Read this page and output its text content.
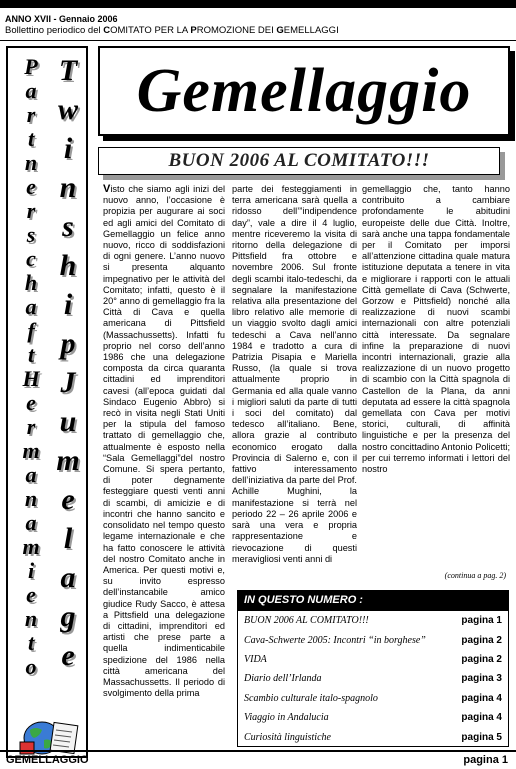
ANNO XVII - Gennaio 2006
Bollettino periodico del COMITATO PER LA PROMOZIONE DEI GEMELLAGGI
P
a
r
t
n
e
r
s
c
h
a
f
t
H
e
r
m
a
n
a
m
i
e
n
t
o
T
w
i
n
s
h
i
p
J
u
m
e
l
a
g
e
Gemellaggio
BUON 2006 AL COMITATO!!!

Visto che siamo agli inizi del nuovo anno, l’occasione è propizia per augurare ai soci ed agli amici del Comitato di Gemellaggio un felice anno nuovo, ricco di soddisfazioni di ogni genere. L’anno nuovo si presenta alquanto impegnativo per le attività del Comitato; infatti, questo è il 20° anno di gemellaggio fra la Città di Cava e quella americana di Pittsfield (Massachussetts). Infatti fu proprio nel corso dell’anno 1986 che una delegazione composta da circa quaranta cittadini ed imprenditori cavesi (all’epoca guidati dal Sindaco Eugenio Abbro) si recò in visita negli Stati Uniti per la stipula del famoso trattato di gemellaggio che, attualmente è esposto nella “Sala Gemellaggi”del nostro Comune. Si spera pertanto, di poter degnamente festeggiare questi venti anni di scambi, di amicizie e di incontri che hanno sancito e consolidato nel tempo questo legame internazionale e che ha fatto conoscere le attività del nostro Comitato anche in America. Per questi motivi e, su invito espresso dell’instancabile amico giudice Rudy Sacco, è attesa a Pittsfield una delegazione di cittadini, imprenditori ed artisti che prese parte a quella indimenticabile spedizione del 1986 nella città americana del Massachussetts. Il periodo di svolgimento della prima

parte dei festeggiamenti in terra americana sarà quella a ridosso dell’”indipendence day”, vale a dire il 4 luglio, mentre riceveremo la visita di ritorno della delegazione di Pittsfield fra ottobre e novembre 2006. Sul fronte degli scambi italo-tedeschi, da segnalare la manifestazione relativa alla presentazione del libro relativo alle memorie di un viaggio svolto dagli amici tedeschi a Cava nell’anno 1984 e tradotto a cura di Patrizia Pisapia e Mariella Russo, (la quale si trova attualmente proprio in Germania ed alla quale vanno i migliori saluti da parte di tutti i soci del comitato) dal tedesco all’italiano. Bene, allora grazie al contributo economico erogato dalla Provincia di Salerno e, con il fattivo interessamento dell’iniziativa da parte del Prof. Achille Mughini, la manifestazione si terrà nel periodo 22 – 26 aprile 2006 e sarà una vera e propria rappresentazione e rievocazione di questi meravigliosi venti anni di

gemellaggio che, tanto hanno contribuito a cambiare profondamente le abitudini europeiste delle due Città. Inoltre, sarà anche una tappa fondamentale per il Comitato per imporsi all’attenzione cittadina quale matura istituzione deputata a tenere in vita e migliorare i rapporti con le attuali Città gemellate di Cava (Schwerte, Gorzow e Pittsfield) nonché alla realizzazione di nuovi scambi internazionali con altre potenziali città interessate. Da segnalare infine la preparazione di nuovi incontri internazionali, grazie alla realizzazione di un nuovo progetto di scambio con la Città spagnola di Castellon de la Plana, da anni deputata ad essere la città spagnola gemellata con Cava per motivi storici, culturali, di affinità linguistiche e per la presenza del nostro concittadino Antonio Policetti; per cui terremo informati i lettori del nostro

(continua a pag. 2)
IN QUESTO NUMERO :
BUON 2006 AL COMITATO!!!	pagina 1
Cava-Schwerte 2005: Incontri “in borghese”	pagina 2
VIDA	pagina 2
Diario dell’Irlanda	pagina 3
Scambio culturale italo-spagnolo	pagina 4
Viaggio in Andalucia	pagina 4
Curiosità linguistiche	pagina 5
GEMELLAGGIO	pagina 1
